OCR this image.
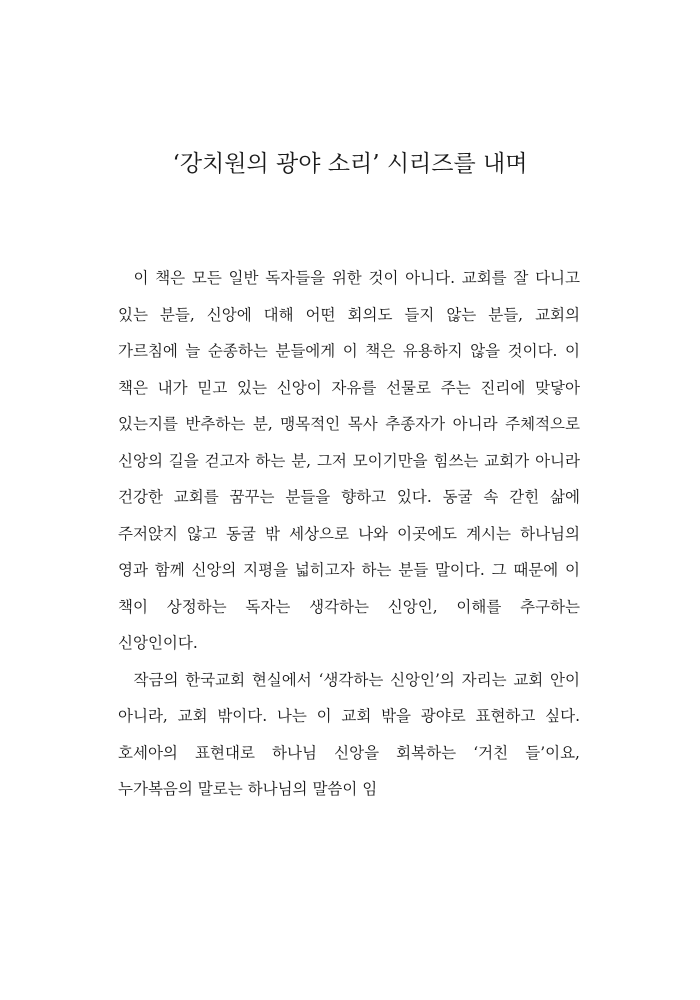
‘강치원의 광야 소리’ 시리즈를 내며

이 책은 모든 일반 독자들을 위한 것이 아니다. 교회를 잘 다니고 있는 분들, 신앙에 대해 어떤 회의도 들지 않는 분들, 교회의 가르침에 늘 순종하는 분들에게 이 책은 유용하지 않을 것이다. 이 책은 내가 믿고 있는 신앙이 자유를 선물로 주는 진리에 맞닿아 있는지를 반추하는 분, 맹목적인 목사 추종자가 아니라 주체적으로 신앙의 길을 걷고자 하는 분, 그저 모이기만을 힘쓰는 교회가 아니라 건강한 교회를 꿈꾸는 분들을 향하고 있다. 동굴 속 갇힌 삶에 주저앉지 않고 동굴 밖 세상으로 나와 이곳에도 계시는 하나님의 영과 함께 신앙의 지평을 넓히고자 하는 분들 말이다. 그 때문에 이 책이 상정하는 독자는 생각하는 신앙인, 이해를 추구하는 신앙인이다.

작금의 한국교회 현실에서 ‘생각하는 신앙인’의 자리는 교회 안이 아니라, 교회 밖이다. 나는 이 교회 밖을 광야로 표현하고 싶다. 호세아의 표현대로 하나님 신앙을 회복하는 ‘거친 들’이요, 누가복음의 말로는 하나님의 말씀이 임
